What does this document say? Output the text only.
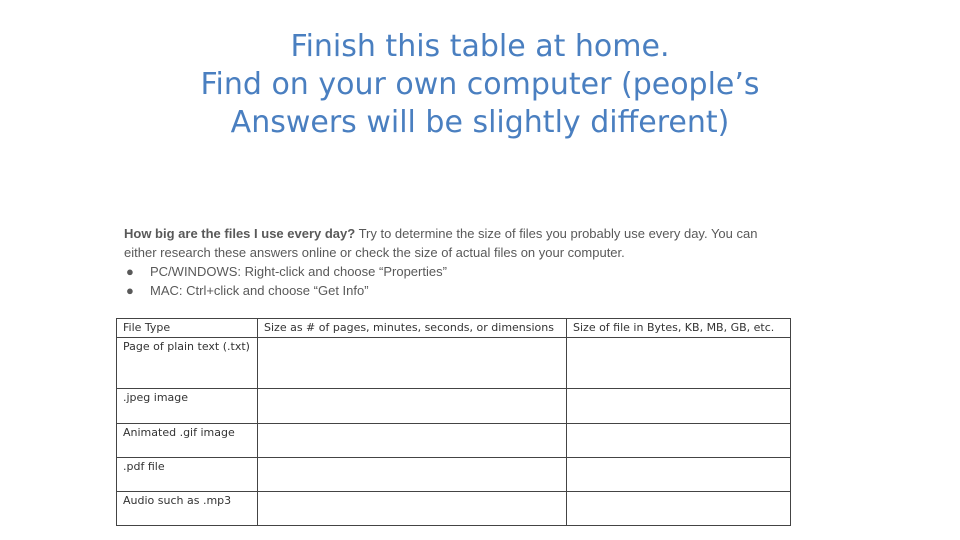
Finish this table at home.
Find on your own computer (people’s
Answers will be slightly different)
How big are the files I use every day? Try to determine the size of files you probably use every day. You can either research these answers online or check the size of actual files on your computer.
● PC/WINDOWS: Right-click and choose “Properties”
● MAC: Ctrl+click and choose “Get Info”
File Type	Size as # of pages, minutes, seconds, or dimensions	Size of file in Bytes, KB, MB, GB, etc.
Page of plain text (.txt)		
.jpeg image		
Animated .gif image		
.pdf file		
Audio such as .mp3		
